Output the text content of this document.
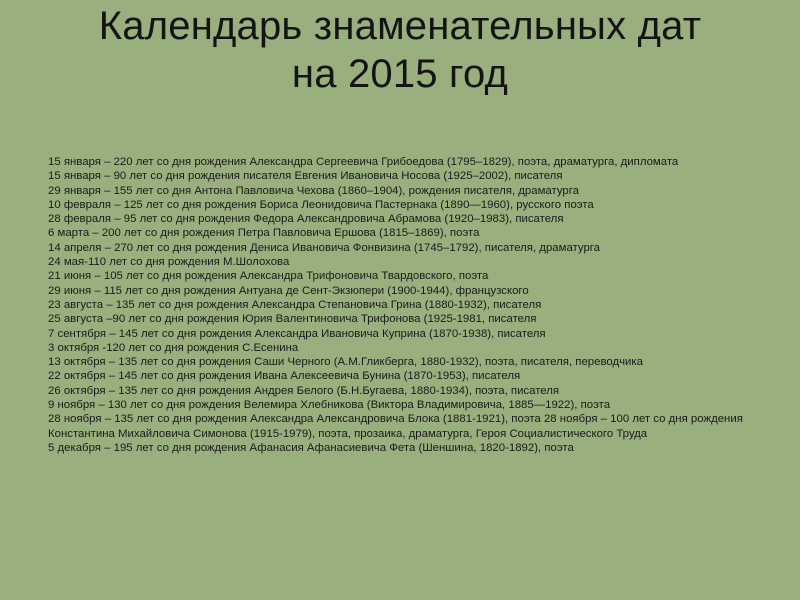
Календарь знаменательных дат
на 2015 год
15 января – 220 лет со дня рождения Александра Сергеевича Грибоедова (1795–1829), поэта, драматурга, дипломата
15 января – 90 лет со дня рождения писателя Евгения Ивановича Носова (1925–2002), писателя
29 января – 155 лет со дня Антона Павловича Чехова (1860–1904), рождения писателя, драматурга
10 февраля – 125 лет со дня рождения Бориса Леонидовича Пастернака (1890—1960), русского поэта
28 февраля – 95 лет со дня рождения Федора Александровича Абрамова (1920–1983), писателя
6 марта – 200 лет со дня рождения Петра Павловича Ершова (1815–1869), поэта
14 апреля – 270 лет со дня рождения Дениса Ивановича Фонвизина (1745–1792), писателя, драматурга
24 мая-110 лет со дня рождения М.Шолохова
21 июня – 105 лет со дня рождения Александра Трифоновича Твардовского, поэта
29 июня – 115 лет со дня рождения Антуана де Сент-Экзюпери (1900-1944), французского
23 августа – 135 лет со дня рождения Александра Степановича Грина (1880-1932), писателя
25 августа –90 лет со дня рождения Юрия Валентиновича Трифонова (1925-1981, писателя
7 сентября – 145 лет со дня рождения Александра Ивановича Куприна (1870-1938), писателя
3 октября -120 лет со дня рождения С.Есенина
13 октября – 135 лет со дня рождения Саши Черного (А.М.Гликберга, 1880-1932), поэта, писателя, переводчика
22 октября – 145 лет со дня рождения Ивана Алексеевича Бунина (1870-1953), писателя
26 октября – 135 лет со дня рождения Андрея Белого (Б.Н.Бугаева, 1880-1934), поэта, писателя
9 ноября – 130 лет со дня рождения Велемира Хлебникова (Виктора Владимировича, 1885—1922), поэта
28 ноября – 135 лет со дня рождения Александра Александровича Блока (1881-1921), поэта 28 ноября – 100 лет со дня рождения Константина Михайловича Симонова (1915-1979), поэта, прозаика, драматурга, Героя Социалистического Труда
5 декабря – 195 лет со дня рождения Афанасия Афанасиевича Фета (Шеншина, 1820-1892), поэта
